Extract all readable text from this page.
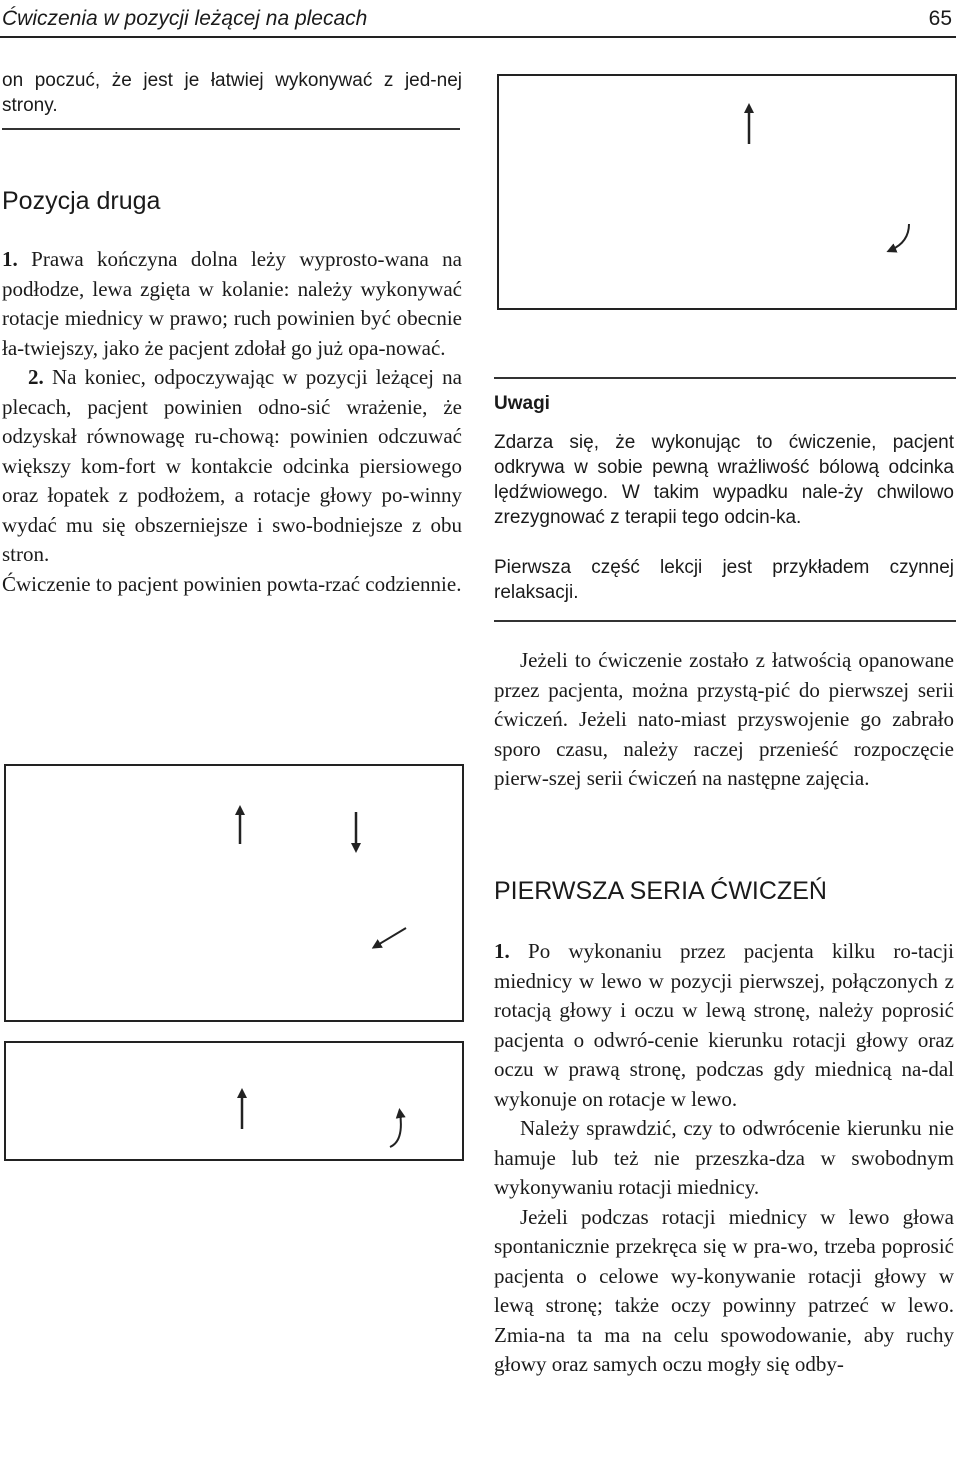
Ćwiczenia w pozycji leżącej na plecach	65
on poczuć, że jest je łatwiej wykonywać z jed-nej strony.
Pozycja druga

1. Prawa kończyna dolna leży wyprosto-wana na podłodze, lewa zgięta w kolanie: należy wykonywać rotacje miednicy w prawo; ruch powinien być obecnie ła-twiejszy, jako że pacjent zdołał go już opa-nować.

2. Na koniec, odpoczywając w pozycji leżącej na plecach, pacjent powinien odno-sić wrażenie, że odzyskał równowagę ru-chową: powinien odczuwać większy kom-fort w kontakcie odcinka piersiowego oraz łopatek z podłożem, a rotacje głowy po-winny wydać mu się obszerniejsze i swo-bodniejsze z obu stron.

Ćwiczenie to pacjent powinien powta-rzać codziennie.

Uwagi
Zdarza się, że wykonując to ćwiczenie, pacjent odkrywa w sobie pewną wrażliwość bólową odcinka lędźwiowego. W takim wypadku nale-ży chwilowo zrezygnować z terapii tego odcin-ka.
Pierwsza część lekcji jest przykładem czynnej relaksacji.

Jeżeli to ćwiczenie zostało z łatwością opanowane przez pacjenta, można przystą-pić do pierwszej serii ćwiczeń. Jeżeli nato-miast przyswojenie go zabrało sporo czasu, należy raczej przenieść rozpoczęcie pierw-szej serii ćwiczeń na następne zajęcia.

PIERWSZA SERIA ĆWICZEŃ

1. Po wykonaniu przez pacjenta kilku ro-tacji miednicy w lewo w pozycji pierwszej, połączonych z rotacją głowy i oczu w lewą stronę, należy poprosić pacjenta o odwró-cenie kierunku rotacji głowy oraz oczu w prawą stronę, podczas gdy miednicą na-dal wykonuje on rotacje w lewo.

Należy sprawdzić, czy to odwrócenie kierunku nie hamuje lub też nie przeszka-dza w swobodnym wykonywaniu rotacji miednicy.

Jeżeli podczas rotacji miednicy w lewo głowa spontanicznie przekręca się w pra-wo, trzeba poprosić pacjenta o celowe wy-konywanie rotacji głowy w lewą stronę; także oczy powinny patrzeć w lewo. Zmia-na ta ma na celu spowodowanie, aby ruchy głowy oraz samych oczu mogły się odby-
